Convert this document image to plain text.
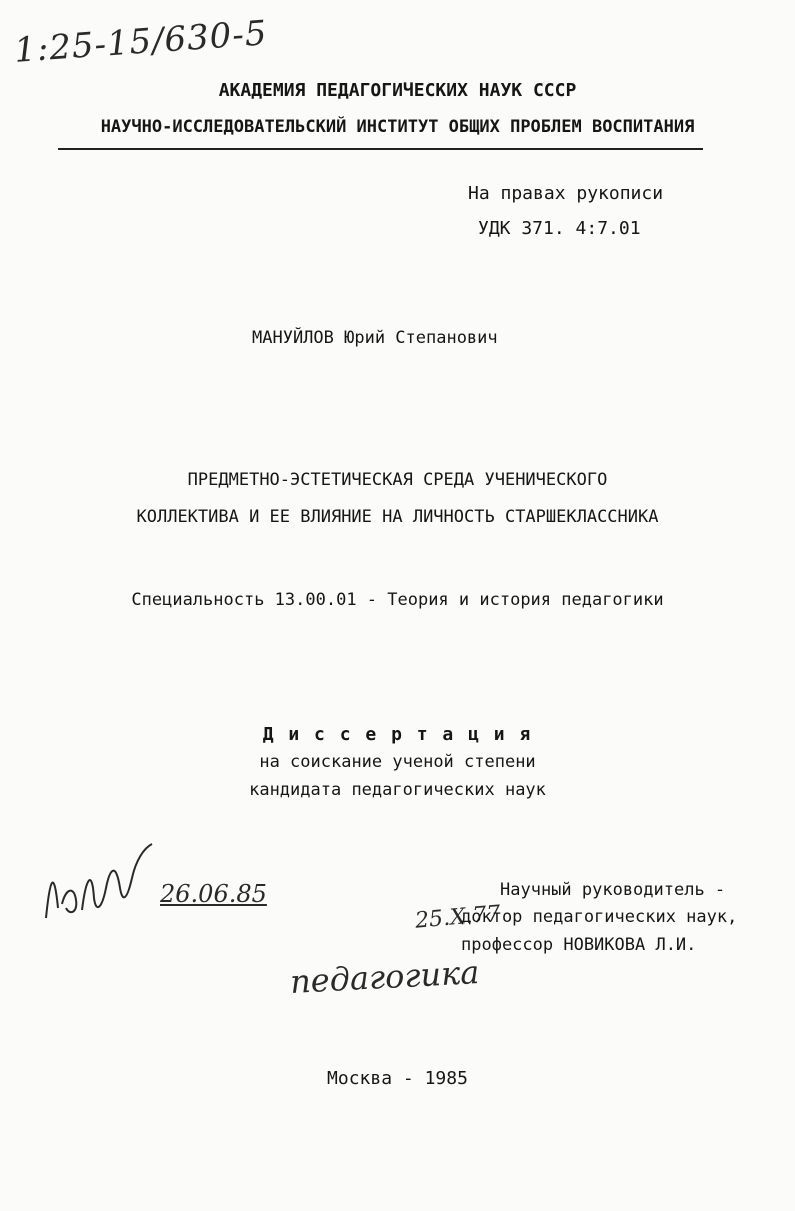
1:25-15/630-5
АКАДЕМИЯ ПЕДАГОГИЧЕСКИХ НАУК СССР
НАУЧНО-ИССЛЕДОВАТЕЛЬСКИЙ ИНСТИТУТ ОБЩИХ ПРОБЛЕМ ВОСПИТАНИЯ
На правах рукописи
УДК 371. 4:7.01
МАНУЙЛОВ Юрий Степанович
ПРЕДМЕТНО-ЭСТЕТИЧЕСКАЯ СРЕДА УЧЕНИЧЕСКОГО
КОЛЛЕКТИВА И ЕЕ ВЛИЯНИЕ НА ЛИЧНОСТЬ СТАРШЕКЛАССНИКА
Специальность 13.00.01 - Теория и история педагогики
Д и с с е р т а ц и я
на соискание ученой степени
кандидата педагогических наук
26.06.85
25.X.77
Научный руководитель -
доктор педагогических наук,
профессор НОВИКОВА Л.И.
педагогика
Москва - 1985
